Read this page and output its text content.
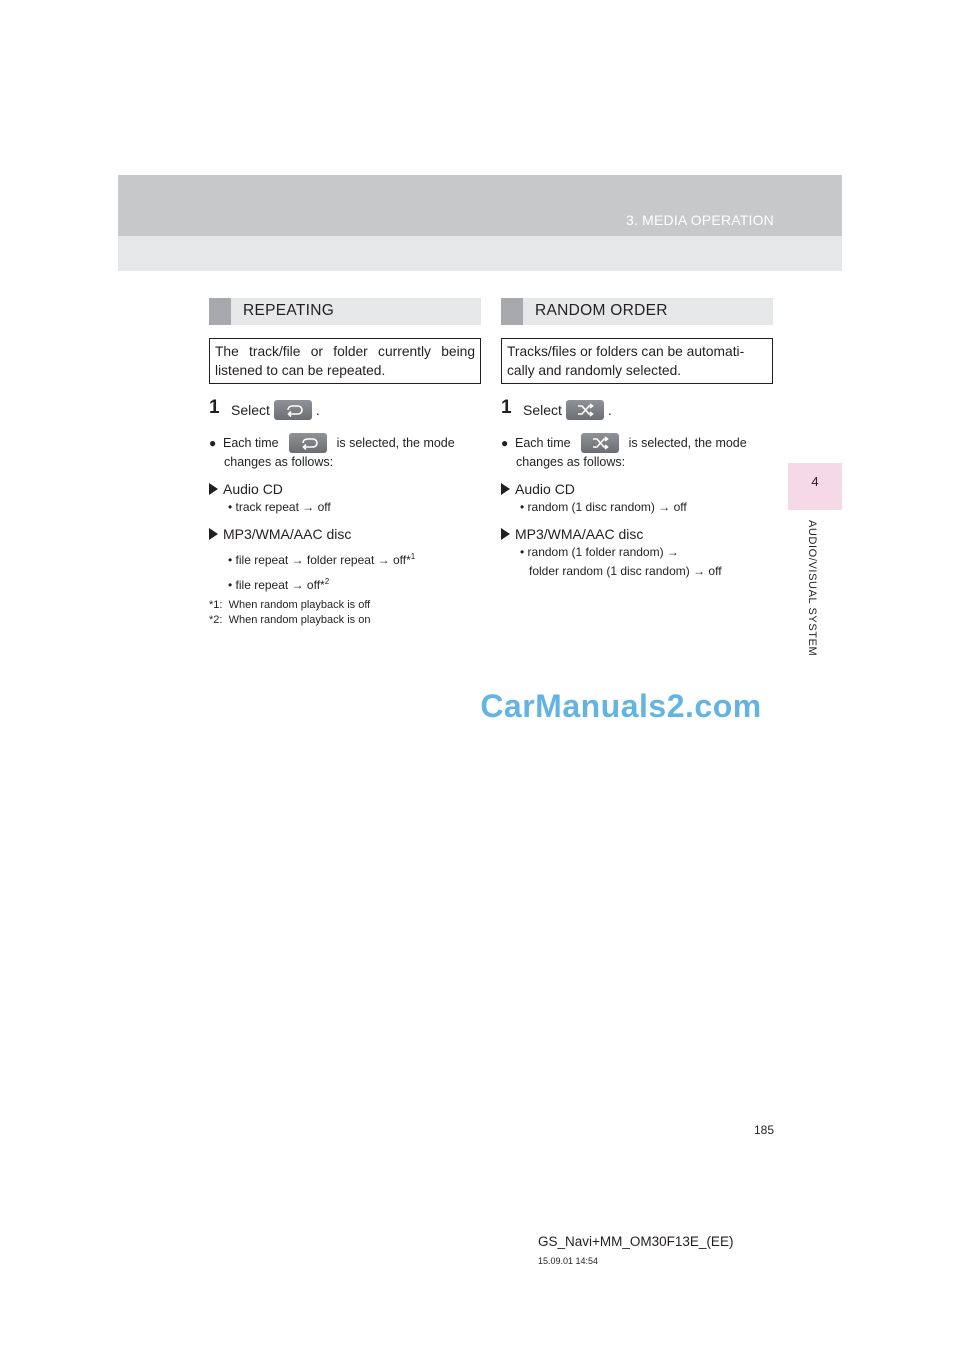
3. MEDIA OPERATION
4
AUDIO/VISUAL SYSTEM
REPEATING
The track/file or folder currently being listened to can be repeated.
1 Select	.
● Each time	is selected, the mode
changes as follows:
Audio CD
• track repeat → off
MP3/WMA/AAC disc
• file repeat → folder repeat → off*$^1$
• file repeat → off*$^2$
*1: When random playback is off
*2: When random playback is on
RANDOM ORDER
Tracks/files or folders can be automati- cally and randomly selected.
1 Select	.
● Each time	is selected, the mode
changes as follows:
Audio CD
• random (1 disc random) → off
MP3/WMA/AAC disc
• random (1 folder random) →
folder random (1 disc random) → off
CarManuals2.com
185
GS_Navi+MM_OM30F13E_(EE)
15.09.01 14:54
